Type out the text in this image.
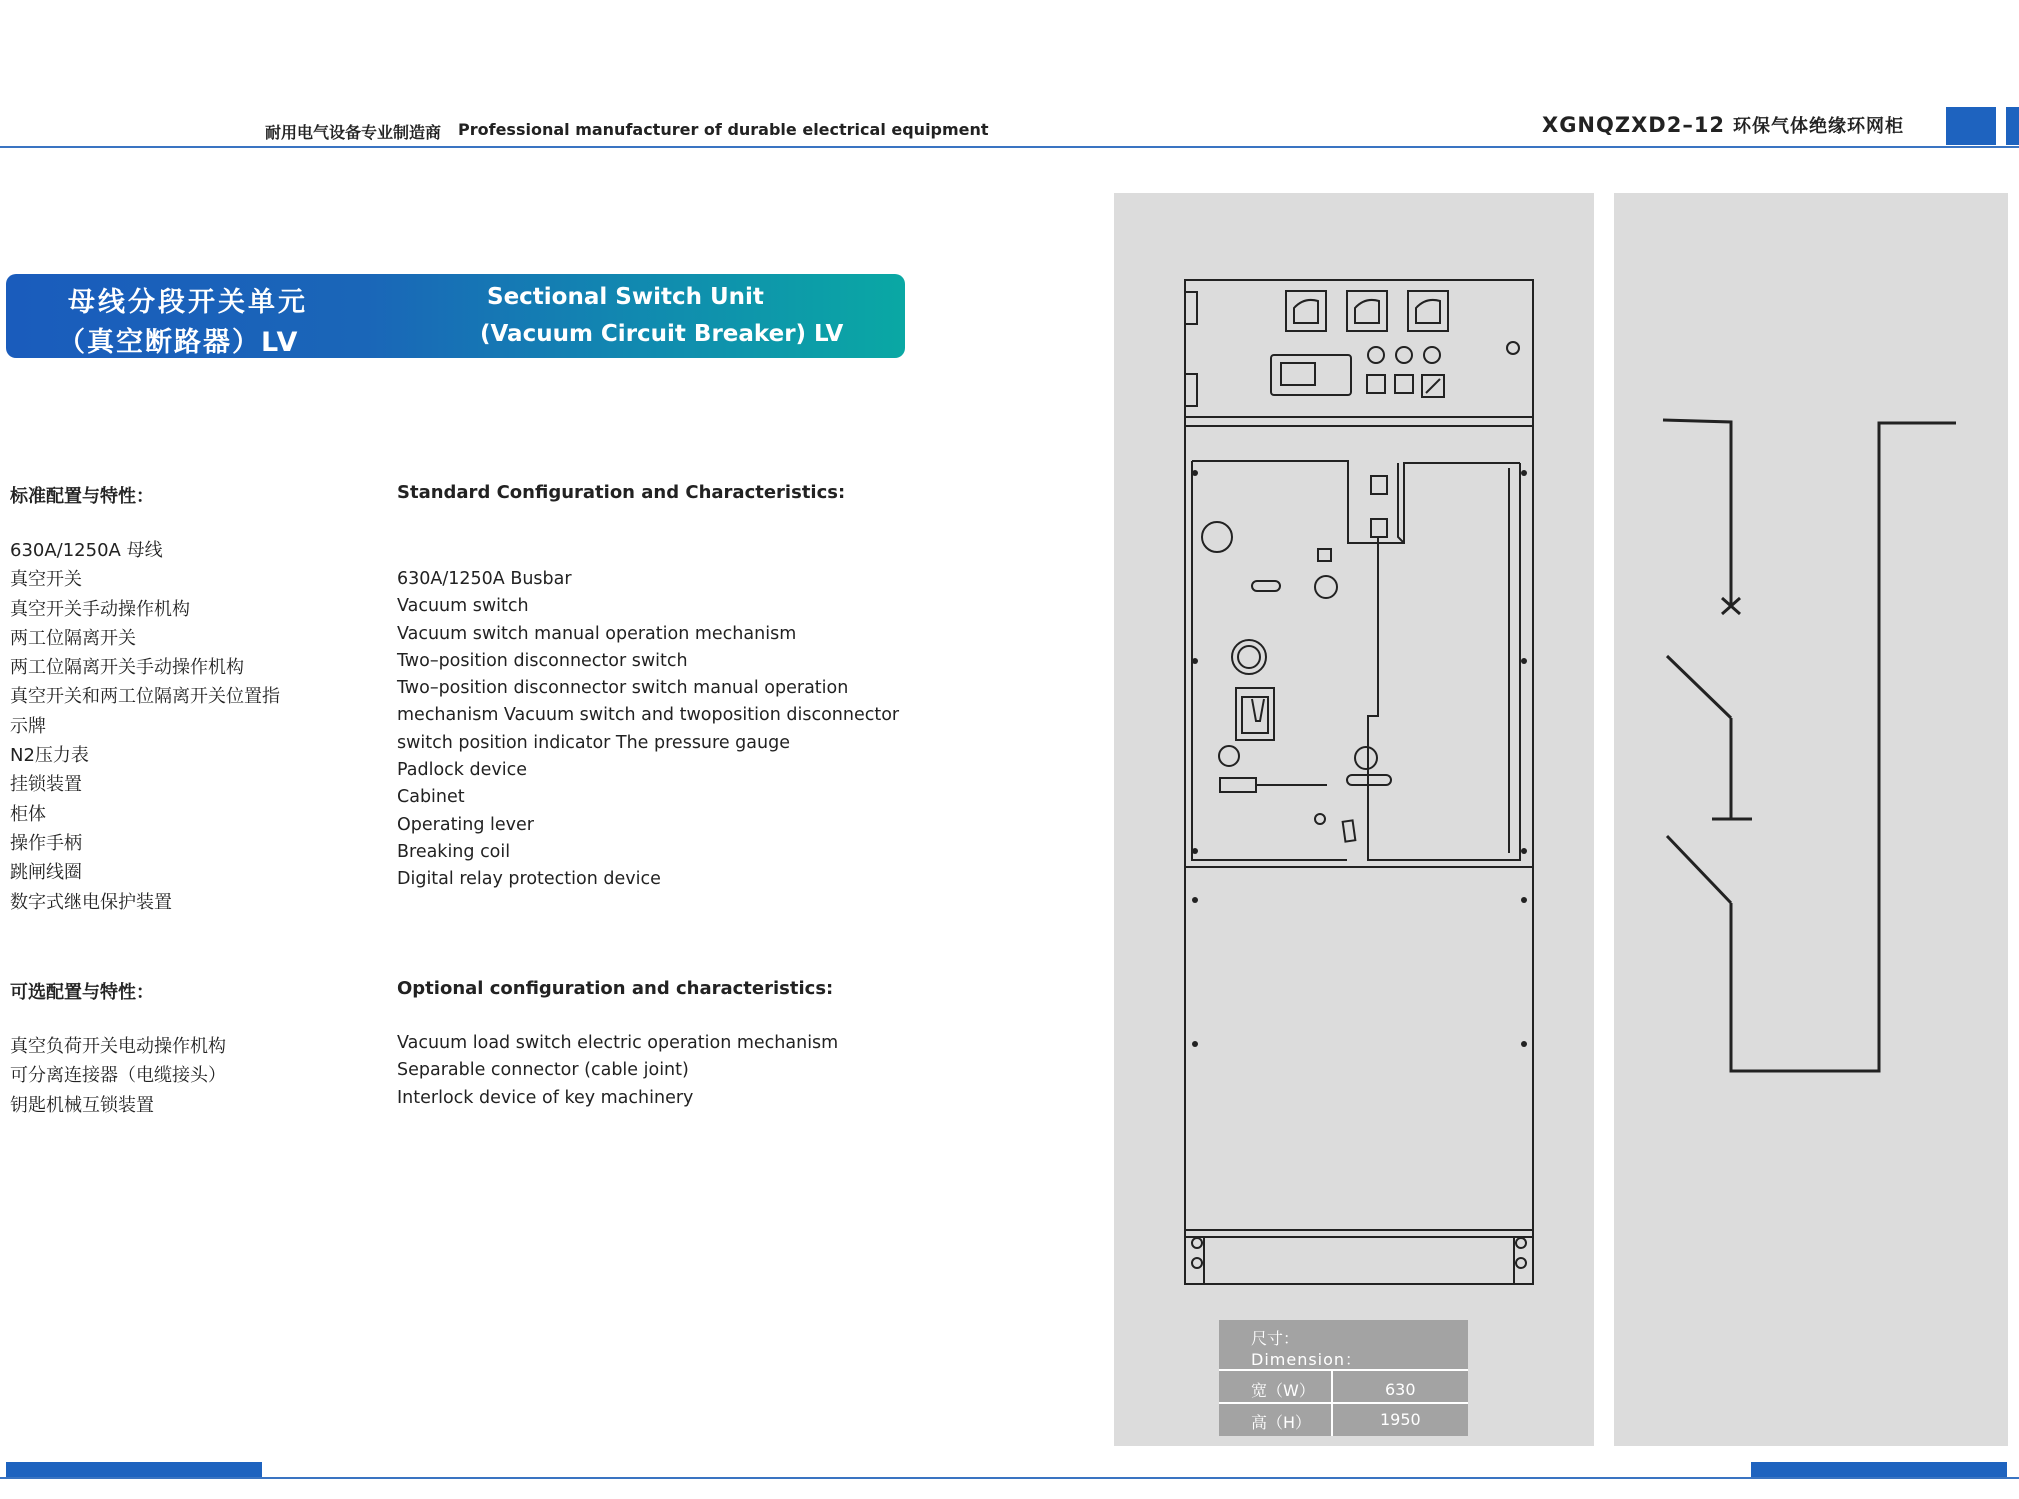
耐用电气设备专业制造商 Professional manufacturer of durable electrical equipment	XGNQZXD2–12 环保气体绝缘环网柜
母线分段开关单元
（真空断路器）LV
Sectional Switch Unit
(Vacuum Circuit Breaker) LV
标准配置与特性：	Standard Configuration and Characteristics:
630A/1250A 母线
真空开关
真空开关手动操作机构
两工位隔离开关
两工位隔离开关手动操作机构
真空开关和两工位隔离开关位置指
示牌
N2压力表
挂锁装置
柜体
操作手柄
跳闸线圈
数字式继电保护装置
630A/1250A Busbar
Vacuum switch
Vacuum switch manual operation mechanism
Two–position disconnector switch
Two–position disconnector switch manual operation
mechanism Vacuum switch and twoposition disconnector
switch position indicator The pressure gauge
Padlock device
Cabinet
Operating lever
Breaking coil
Digital relay protection device
可选配置与特性：	Optional configuration and characteristics:
真空负荷开关电动操作机构
可分离连接器（电缆接头）
钥匙机械互锁装置
Vacuum load switch electric operation mechanism
Separable connector (cable joint)
Interlock device of key machinery
尺寸：
Dimension：
宽（W）	630
高（H）	1950
